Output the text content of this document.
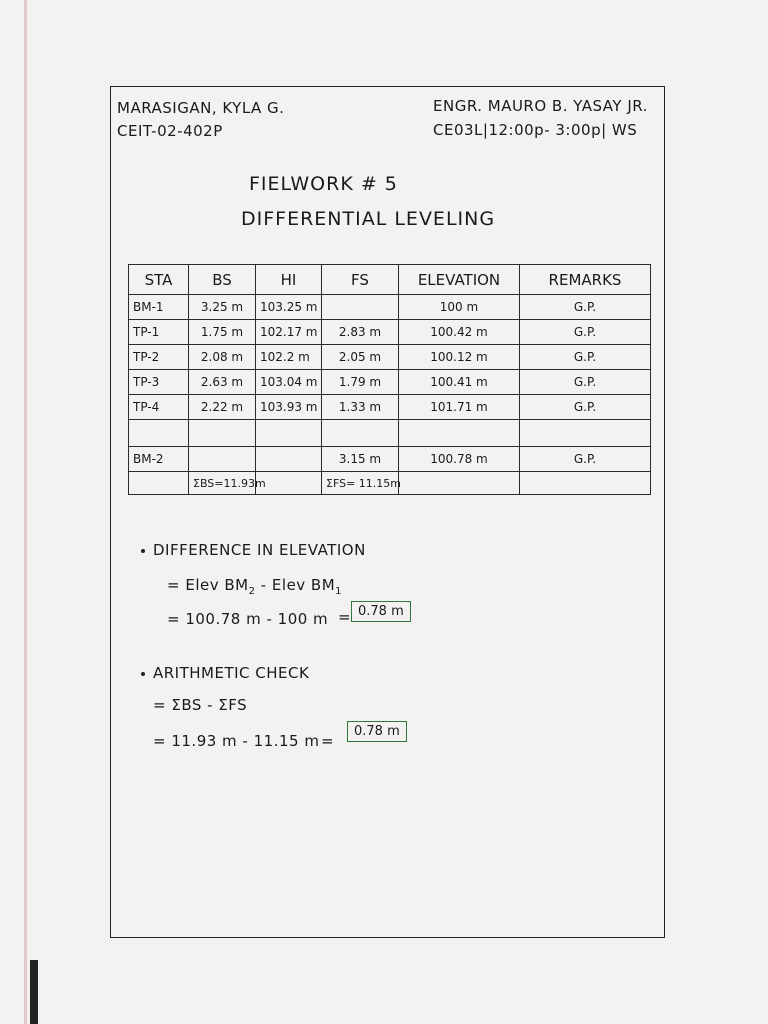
MARASIGAN, KYLA G.
CEIT-02-402P
ENGR. MAURO B. YASAY JR.
CE03L|12:00p- 3:00p| WS
FIELWORK # 5
DIFFERENTIAL LEVELING
STA	BS	HI	FS	ELEVATION	REMARKS
BM-1	3.25 m	103.25 m		100 m	G.P.
TP-1	1.75 m	102.17 m	2.83 m	100.42 m	G.P.
TP-2	2.08 m	102.2 m	2.05 m	100.12 m	G.P.
TP-3	2.63 m	103.04 m	1.79 m	100.41 m	G.P.
TP-4	2.22 m	103.93 m	1.33 m	101.71 m	G.P.

BM-2			3.15 m	100.78 m	G.P.
	ΣBS=11.93m		ΣFS= 11.15m		
DIFFERENCE IN ELEVATION
= Elev $BM_2$ - Elev $BM_1$
= 100.78 m - 100 m = 0.78 m
ARITHMETIC CHECK
= ΣBS - ΣFS
= 11.93 m - 11.15 m =
0.78 m
